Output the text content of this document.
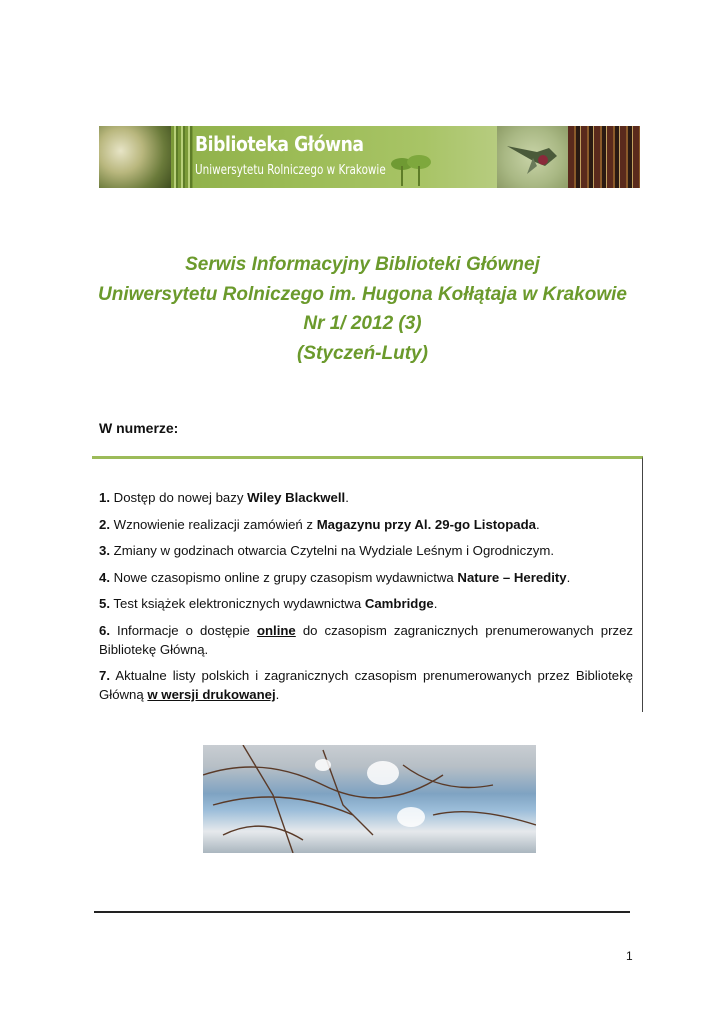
Biblioteka Główna
Uniwersytetu Rolniczego w Krakowie
Serwis Informacyjny Biblioteki Głównej
Uniwersytetu Rolniczego im. Hugona Kołłątaja w Krakowie
Nr 1/ 2012 (3)
(Styczeń-Luty)
W numerze:
1. Dostęp do nowej bazy Wiley Blackwell.
2. Wznowienie realizacji zamówień z Magazynu przy Al. 29-go Listopada.
3. Zmiany w godzinach otwarcia Czytelni na Wydziale Leśnym i Ogrodniczym.
4. Nowe czasopismo online z grupy czasopism wydawnictwa Nature – Heredity.
5. Test książek elektronicznych wydawnictwa Cambridge.
6. Informacje o dostępie online do czasopism zagranicznych prenumerowanych przez Bibliotekę Główną.
7. Aktualne listy polskich i zagranicznych czasopism prenumerowanych przez Bibliotekę Główną w wersji drukowanej.
1
